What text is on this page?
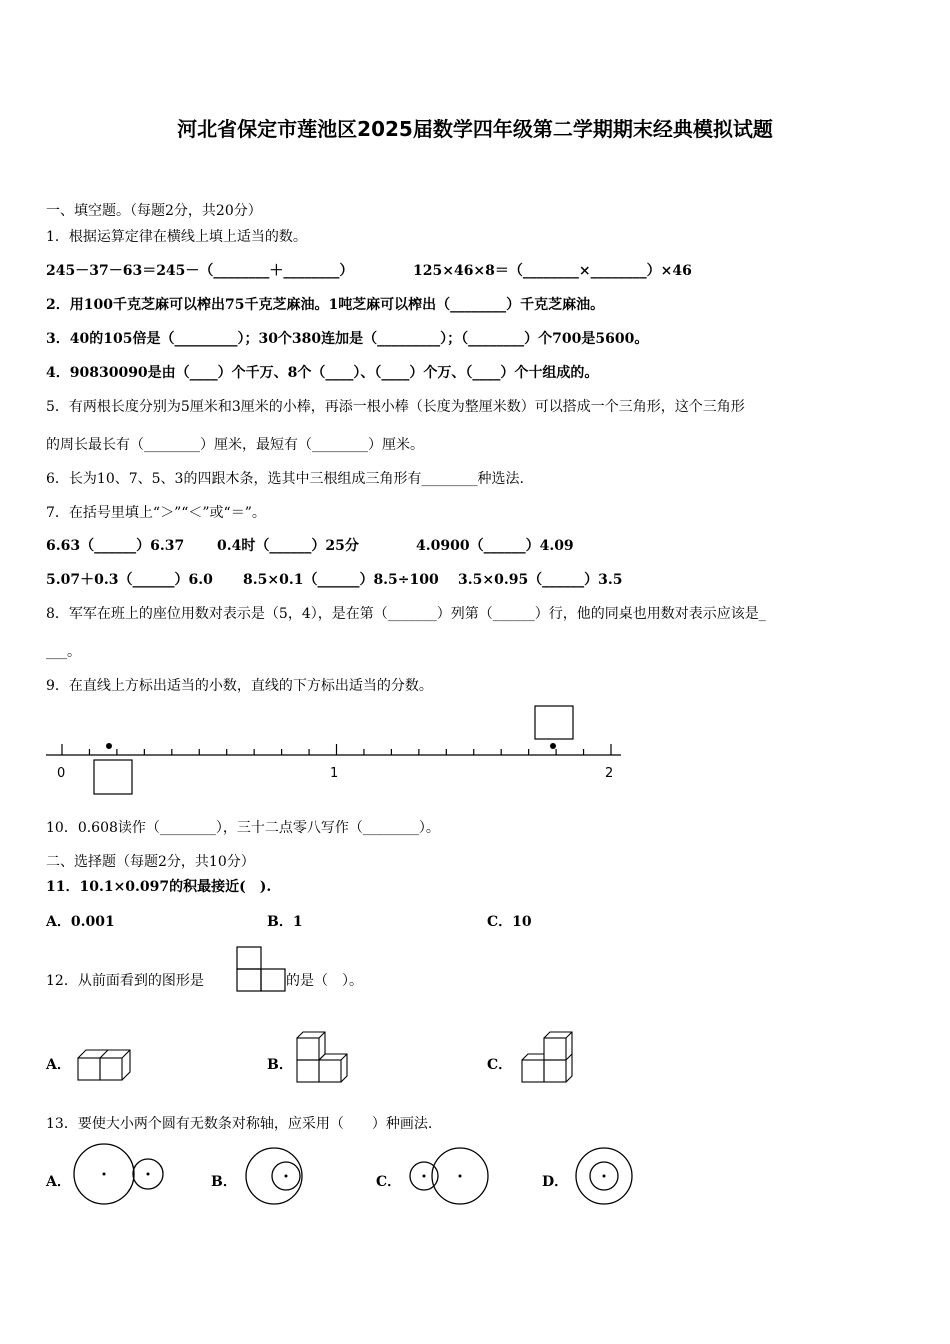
河北省保定市莲池区2025届数学四年级第二学期期末经典模拟试题
一、填空题。（每题2分，共20分）
1．根据运算定律在横线上填上适当的数。
245－37－63＝245－（________＋________）	125×46×8＝（________×________）×46
2．用100千克芝麻可以榨出75千克芝麻油。1吨芝麻可以榨出（________）千克芝麻油。
3．40的105倍是（_________）；30个380连加是（_________）；（________）个700是5600。
4．90830090是由（____）个千万、8个（____）、（____）个万、（____）个十组成的。
5．有两根长度分别为5厘米和3厘米的小棒，再添一根小棒（长度为整厘米数）可以搭成一个三角形，这个三角形
的周长最长有（________）厘米，最短有（________）厘米。
6．长为10、7、5、3的四跟木条，选其中三根组成三角形有________种选法.
7．在括号里填上“＞”“＜”或“＝”。
6.63（______）6.37 0.4时（______）25分	4.0900（______）4.09
5.07＋0.3（______）6.0 8.5×0.1（______）8.5÷100 3.5×0.95（______）3.5
8．军军在班上的座位用数对表示是（5，4），是在第（_______）列第（______）行，他的同桌也用数对表示应该是_
___。
9．在直线上方标出适当的小数，直线的下方标出适当的分数。
0	1	2
10．0.608读作（________），三十二点零八写作（________）。
二、选择题（每题2分，共10分）
11．10.1×0.097的积最接近(　).
A．0.001	B．1	C．10
12．从前面看到的图形是	的是（　）。
A．	B．	C．
13．要使大小两个圆有无数条对称轴，应采用（　　）种画法.
A．	B．	C．	D．
